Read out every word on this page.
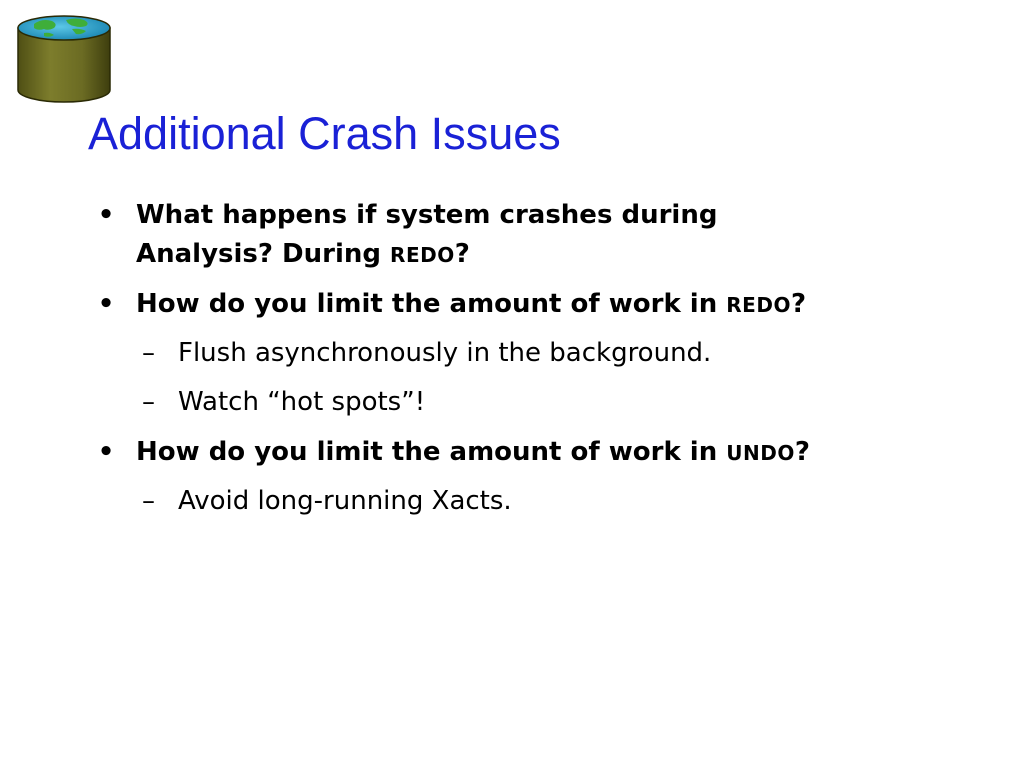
Additional Crash Issues
• What happens if system crashes during
Analysis? During REDO?
• How do you limit the amount of work in REDO?
– Flush asynchronously in the background.
– Watch “hot spots”!
• How do you limit the amount of work in UNDO?
– Avoid long-running Xacts.
